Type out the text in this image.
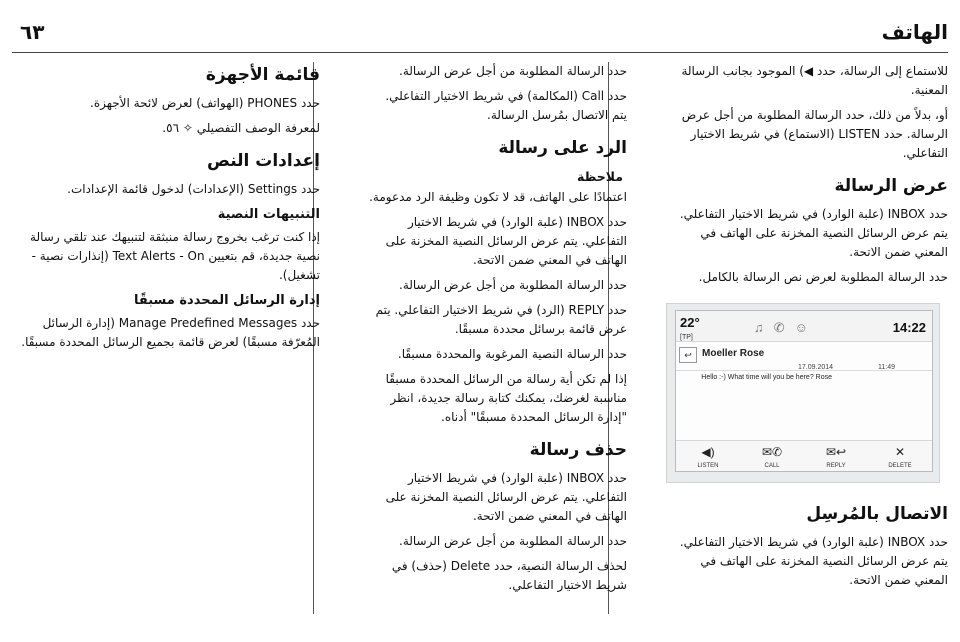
الهاتف
٦٣

للاستماع إلى الرسالة، حدد ◀) الموجود بجانب الرسالة المعنية.

أو، بدلاً من ذلك، حدد الرسالة المطلوبة من أجل عرض الرسالة. حدد LISTEN (الاستماع) في شريط الاختيار التفاعلي.

عرض الرسالة

حدد INBOX (علبة الوارد) في شريط الاختيار التفاعلي. يتم عرض الرسائل النصية المخزنة على الهاتف في المعني ضمن الاتحة.

حدد الرسالة المطلوبة لعرض نص الرسالة بالكامل.

22°
[TP]
♫✆☺	14:22
↩	Moeller Rose
17.09.2014	11:49
Hello :-) What time will you be here? Rose
◀)
LISTEN
✉✆
CALL
✉↩
REPLY
✕
DELETE
الاتصال بالمُرسِل

حدد INBOX (علبة الوارد) في شريط الاختيار التفاعلي. يتم عرض الرسائل النصية المخزنة على الهاتف في المعني ضمن الاتحة.

حدد الرسالة المطلوبة من أجل عرض الرسالة.

حدد Call (المكالمة) في شريط الاختيار التفاعلي. يتم الاتصال بمُرسل الرسالة.

الرد على رسالة
ملاحظة

اعتمادًا على الهاتف، قد لا تكون وظيفة الرد مدعومة.

حدد INBOX (علبة الوارد) في شريط الاختيار التفاعلي. يتم عرض الرسائل النصية المخزنة على الهاتف في المعني ضمن الاتحة.

حدد الرسالة المطلوبة من أجل عرض الرسالة.

حدد REPLY (الرد) في شريط الاختيار التفاعلي. يتم عرض قائمة برسائل محددة مسبقًا.

حدد الرسالة النصية المرغوبة والمحددة مسبقًا.

إذا لم تكن أية رسالة من الرسائل المحددة مسبقًا مناسبة لغرضك، يمكنك كتابة رسالة جديدة، انظر "إدارة الرسائل المحددة مسبقًا" أدناه.

حذف رسالة

حدد INBOX (علبة الوارد) في شريط الاختيار التفاعلي. يتم عرض الرسائل النصية المخزنة على الهاتف في المعني ضمن الاتحة.

حدد الرسالة المطلوبة من أجل عرض الرسالة.

لحذف الرسالة النصية، حدد Delete (حذف) في شريط الاختيار التفاعلي.

قائمة الأجهزة

حدد PHONES (الهواتف) لعرض لائحة الأجهزة.

لمعرفة الوصف التفصيلي ✧ ٥٦.

إعدادات النص

حدد Settings (الإعدادات) لدخول قائمة الإعدادات.

التنبيهات النصية

إذا كنت ترغب بخروج رسالة منبثقة لتنبيهك عند تلقي رسالة نصية جديدة، قم بتعيين Text Alerts - On (إنذارات نصية - تشغيل).

إدارة الرسائل المحددة مسبقًا

حدد Manage Predefined Messages (إدارة الرسائل المُعرّفة مسبقًا) لعرض قائمة بجميع الرسائل المحددة مسبقًا.
